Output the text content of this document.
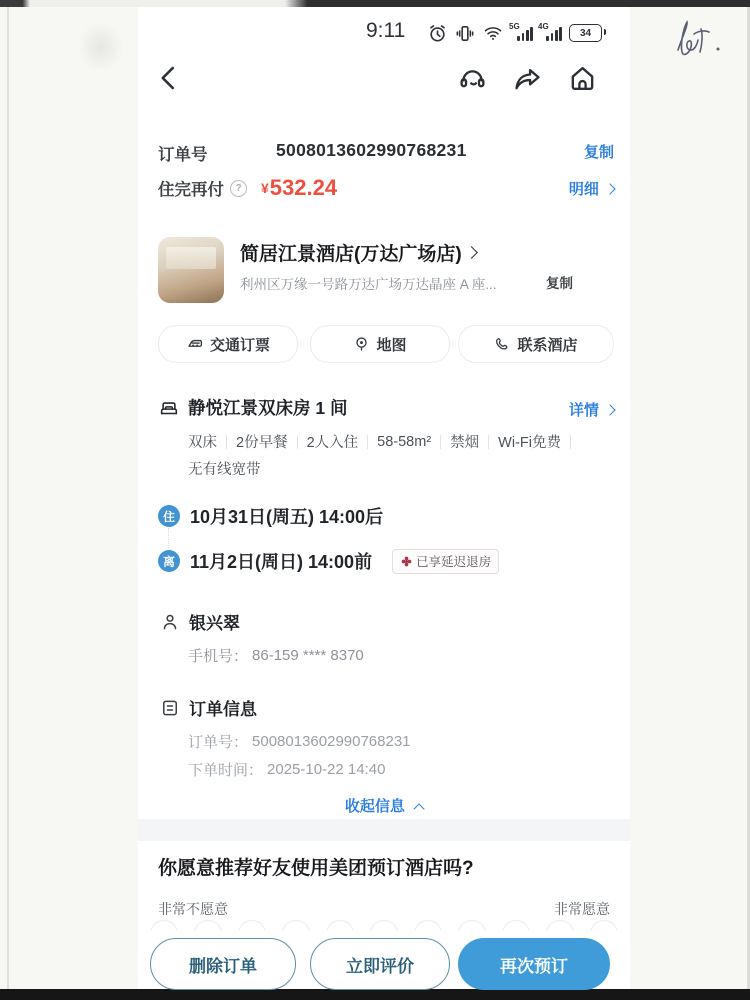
9:11	5G 4G
34
订单号	5008013602990768231	复制
住完再付	?	¥ 532.24	明细
简居江景酒店(万达广场店)
利州区万缘一号路万达广场万达晶座 A 座...	复制
交通订票	地图	联系酒店
静悦江景双床房 1 间	详情
双床 2份早餐 2人入住 58-58m² 禁烟 Wi-Fi免费
无有线宽带
住 10月31日(周五) 14:00后
离 11月2日(周日) 14:00前	已享延迟退房
银兴翠
手机号： 86-159 **** 8370
订单信息
订单号： 5008013602990768231
下单时间： 2025-10-22 14:40
收起信息
你愿意推荐好友使用美团预订酒店吗?
非常不愿意	非常愿意
删除订单	立即评价	再次预订
